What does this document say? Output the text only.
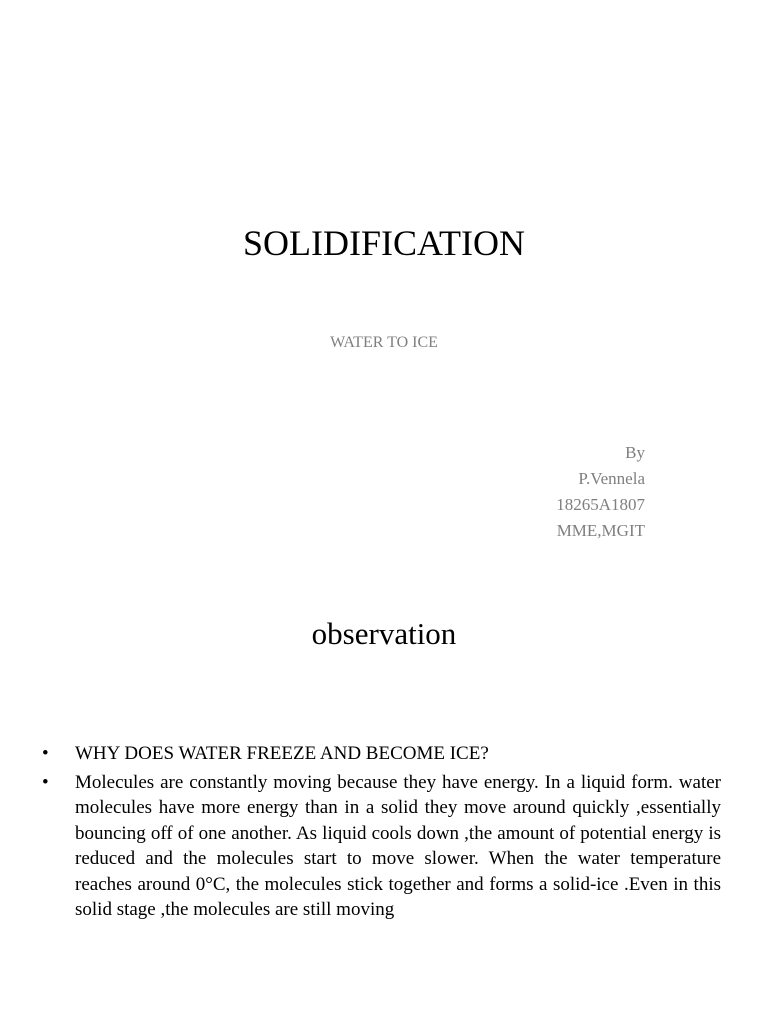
SOLIDIFICATION

WATER TO ICE

By
P.Vennela
18265A1807
MME,MGIT
observation
• WHY DOES WATER FREEZE AND BECOME ICE?
• Molecules are constantly moving because they have energy. In a liquid form. water molecules have more energy than in a solid they move around quickly ,essentially bouncing off of one another. As liquid cools down ,the amount of potential energy is reduced and the molecules start to move slower. When the water temperature reaches around 0°C, the molecules stick together and forms a solid-ice .Even in this solid stage ,the molecules are still moving
